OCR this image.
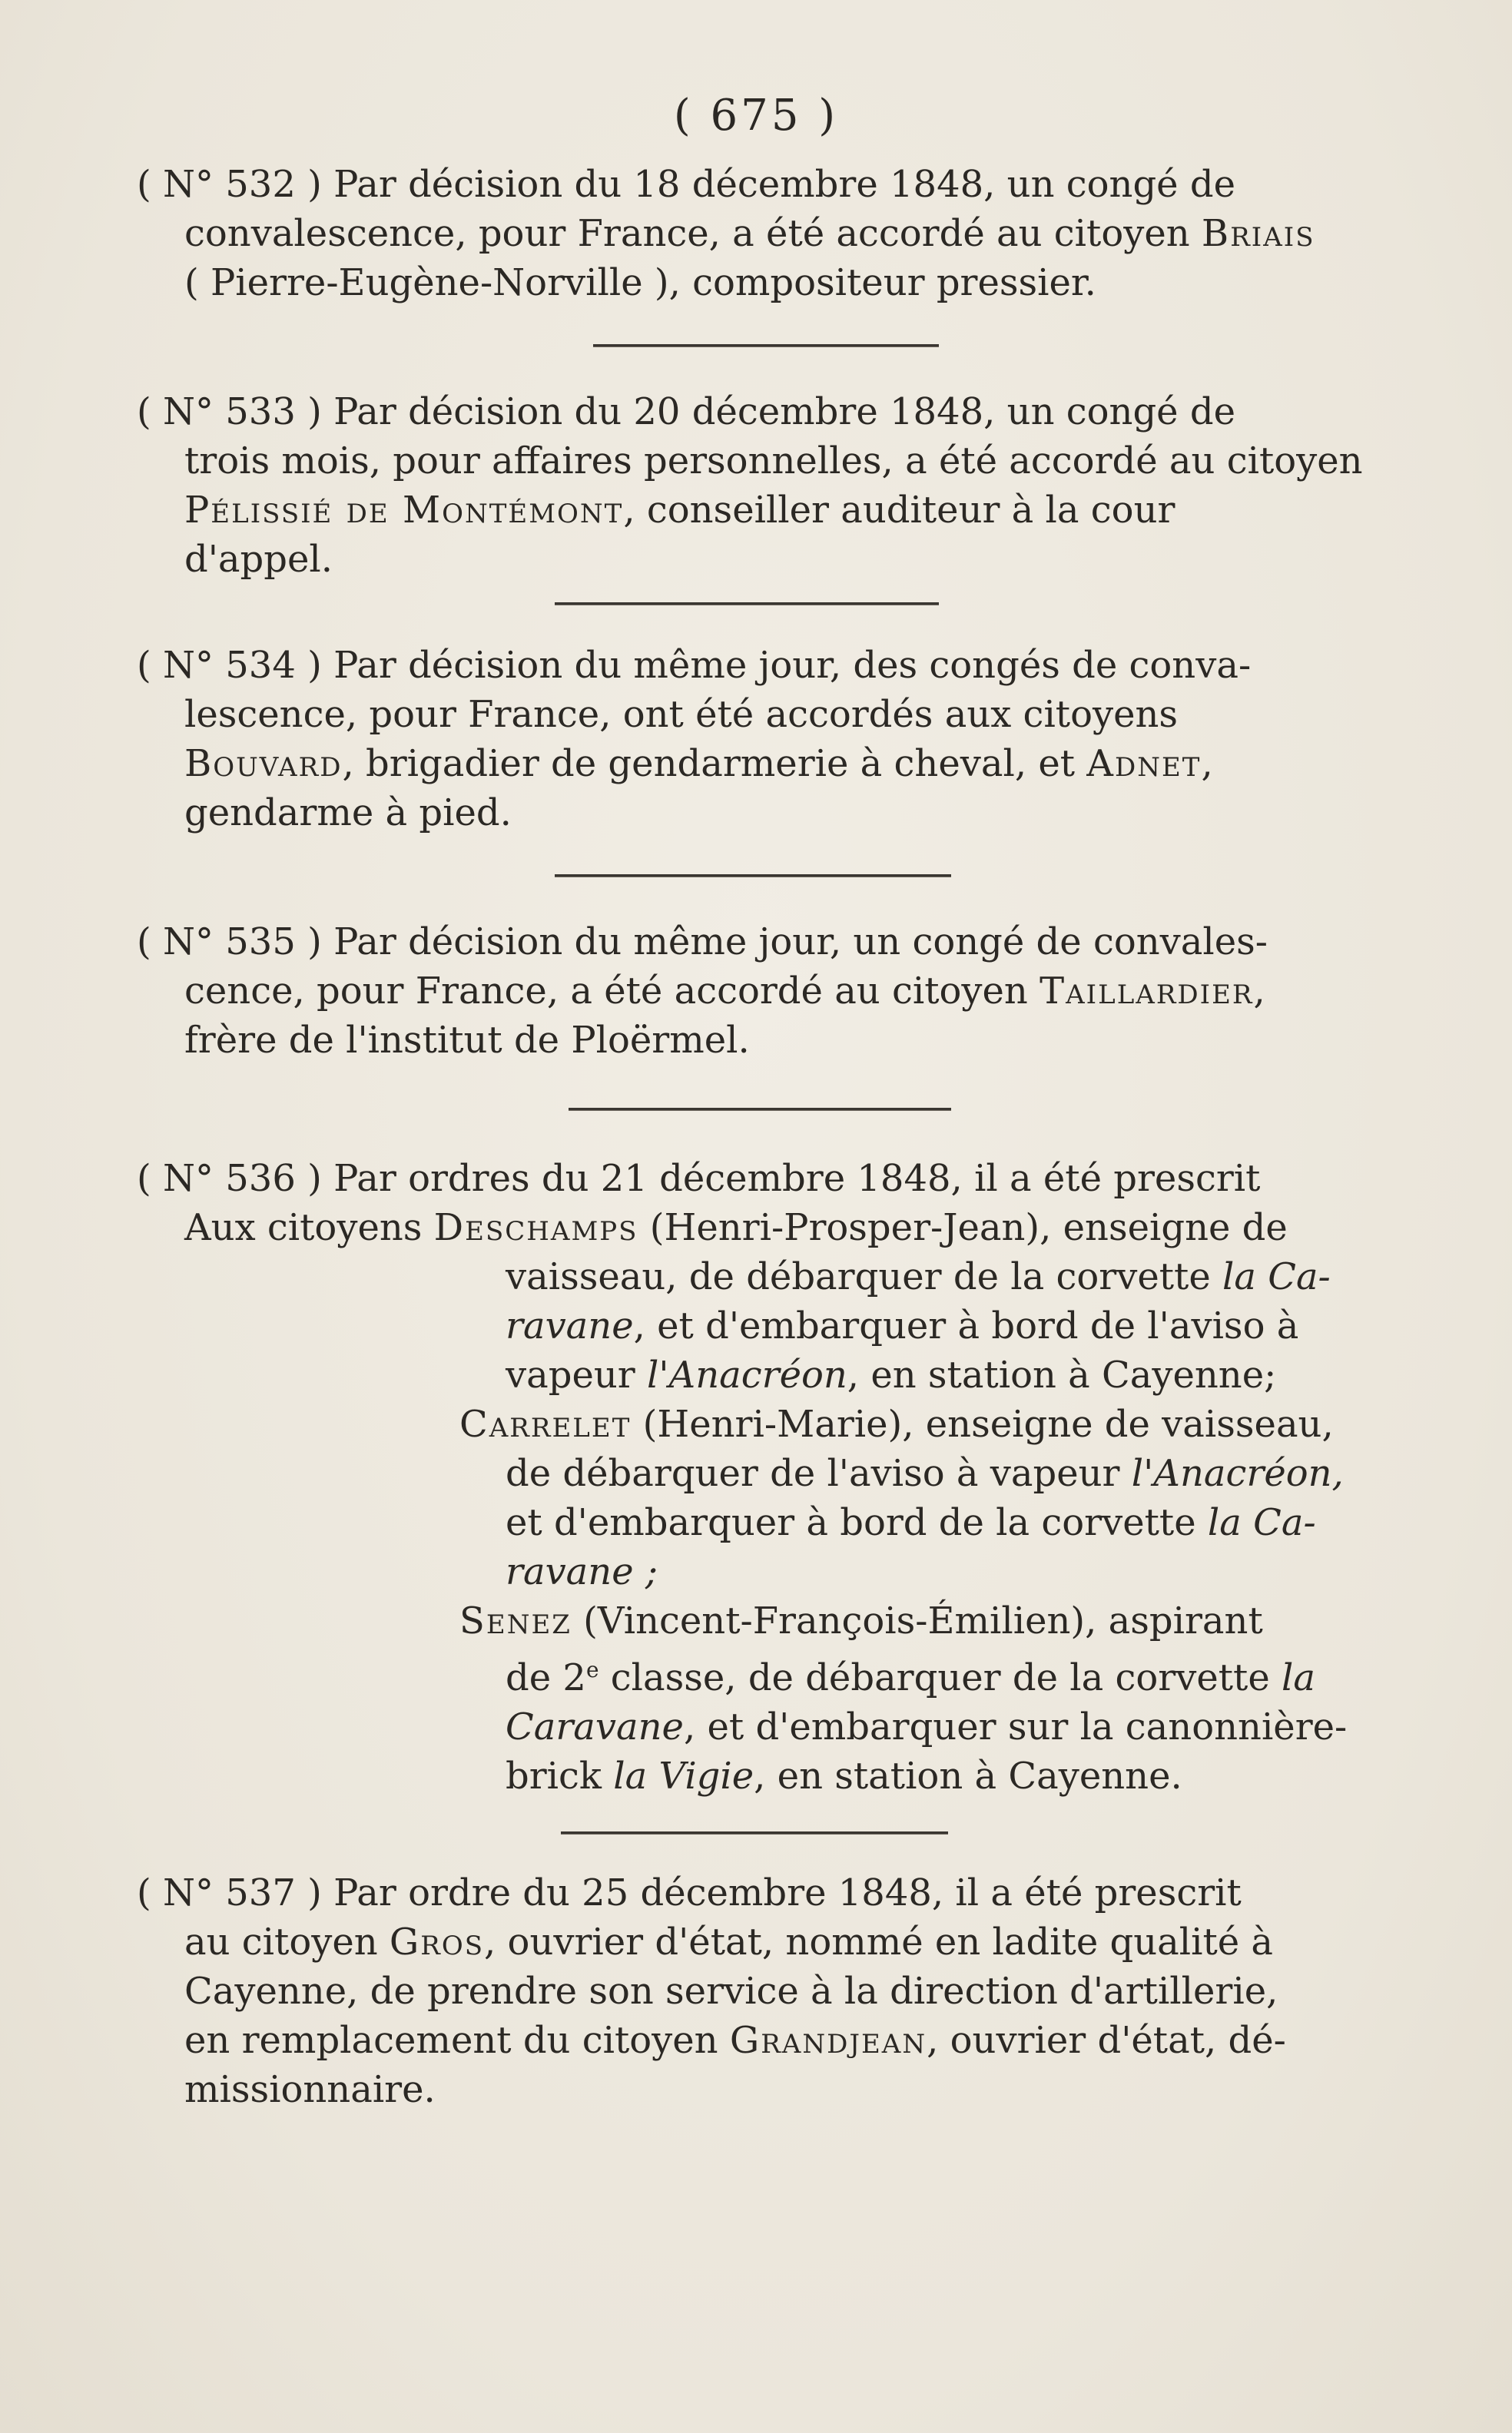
( 675 )
( N° 532 ) Par décision du 18 décembre 1848, un congé de
convalescence, pour France, a été accordé au citoyen Briais
( Pierre-Eugène-Norville ), compositeur pressier.
( N° 533 ) Par décision du 20 décembre 1848, un congé de
trois mois, pour affaires personnelles, a été accordé au citoyen
Pélissié de Montémont, conseiller auditeur à la cour
d'appel.
( N° 534 ) Par décision du même jour, des congés de conva-
lescence, pour France, ont été accordés aux citoyens
Bouvard, brigadier de gendarmerie à cheval, et Adnet,
gendarme à pied.
( N° 535 ) Par décision du même jour, un congé de convales-
cence, pour France, a été accordé au citoyen Taillardier,
frère de l'institut de Ploërmel.
( N° 536 ) Par ordres du 21 décembre 1848, il a été prescrit
Aux citoyens Deschamps (Henri-Prosper-Jean), enseigne de
vaisseau, de débarquer de la corvette la Ca-
ravane, et d'embarquer à bord de l'aviso à
vapeur l'Anacréon, en station à Cayenne;
Carrelet (Henri-Marie), enseigne de vaisseau,
de débarquer de l'aviso à vapeur l'Anacréon,
et d'embarquer à bord de la corvette la Ca-
ravane ;
Senez (Vincent-François-Émilien), aspirant
de 2e classe, de débarquer de la corvette la
Caravane, et d'embarquer sur la canonnière-
brick la Vigie, en station à Cayenne.
( N° 537 ) Par ordre du 25 décembre 1848, il a été prescrit
au citoyen Gros, ouvrier d'état, nommé en ladite qualité à
Cayenne, de prendre son service à la direction d'artillerie,
en remplacement du citoyen Grandjean, ouvrier d'état, dé-
missionnaire.
